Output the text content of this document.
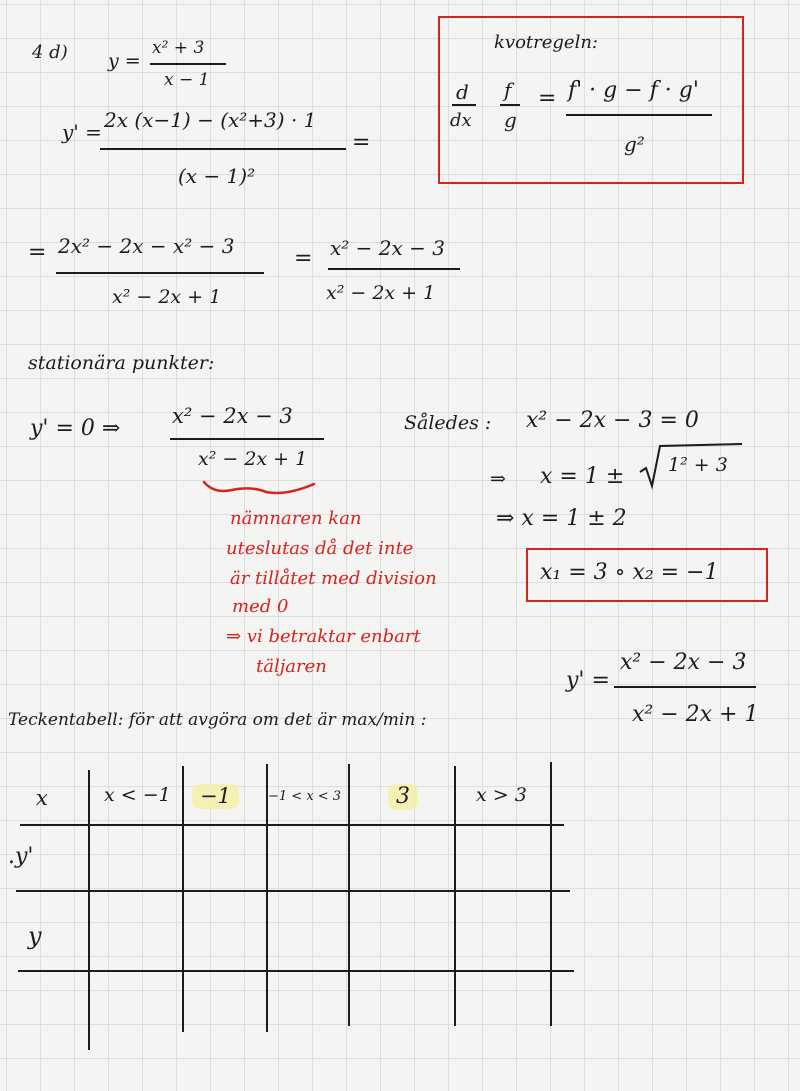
4 d) y =
x² + 3
x − 1
y' = 2x (x−1) − (x²+3) · 1
(x − 1)²
=
= 2x² − 2x − x² − 3
x² − 2x + 1
= x² − 2x − 3
x² − 2x + 1
kvotregeln:
d
dx
f
g
= f' · g − f · g'
g²
stationära punkter:
y' = 0 ⇒ x² − 2x − 3
x² − 2x + 1
nämnaren kan
uteslutas då det inte
är tillåtet med division
med 0
⇒ vi betraktar enbart
täljaren
Således : x² − 2x − 3 = 0
⇒ x = 1 ± 1² + 3
⇒ x = 1 ± 2
x₁ = 3 ∘ x₂ = −1
y' =
x² − 2x − 3
x² − 2x + 1
Teckentabell: för att avgöra om det är max/min :
x	x < −1	−1	−1 < x < 3	3	x > 3
.y'
y
